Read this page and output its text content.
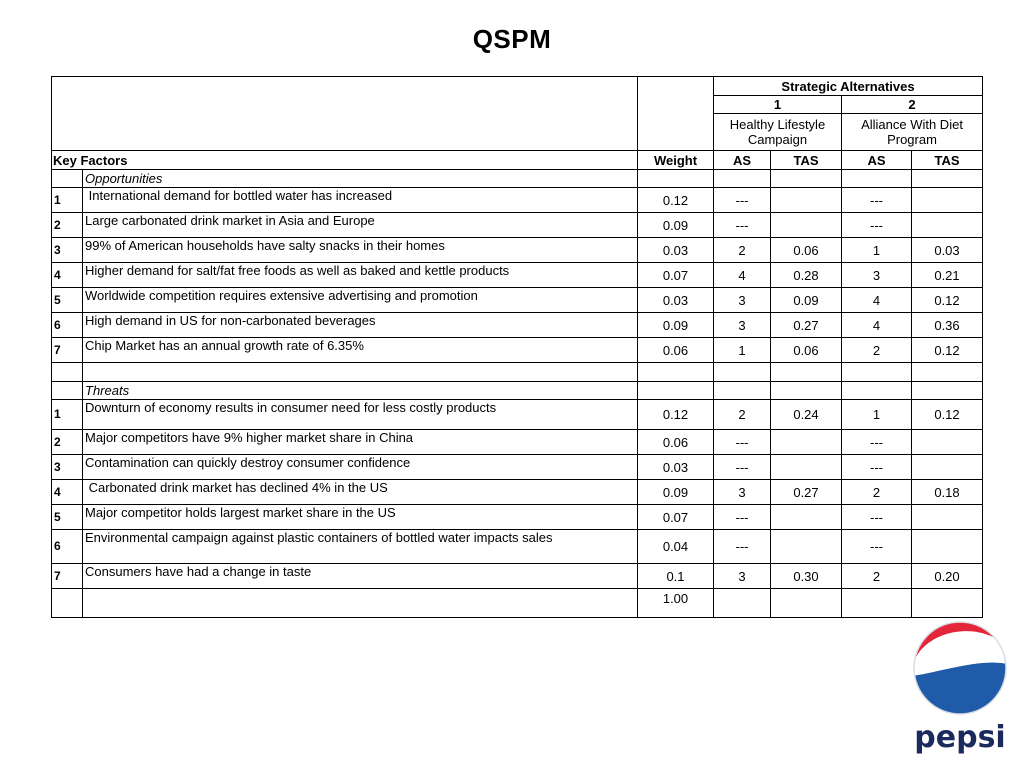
QSPM
			Strategic Alternatives			
			1		2	
			Healthy Lifestyle Campaign		Alliance With Diet Program	
Key Factors		Weight	AS	TAS	AS	TAS
	Opportunities					
1	International demand for bottled water has increased	0.12	---		---	
2	Large carbonated drink market in Asia and Europe	0.09	---		---	
3	99% of American households have salty snacks in their homes	0.03	2	0.06	1	0.03
4	Higher demand for salt/fat free foods as well as baked and kettle products	0.07	4	0.28	3	0.21
5	Worldwide competition requires extensive advertising and promotion	0.03	3	0.09	4	0.12
6	High demand in US for non-carbonated beverages	0.09	3	0.27	4	0.36
7	Chip Market has an annual growth rate of 6.35%	0.06	1	0.06	2	0.12

	Threats					
1	Downturn of economy results in consumer need for less costly products	0.12	2	0.24	1	0.12
2	Major competitors have 9% higher market share in China	0.06	---		---	
3	Contamination can quickly destroy consumer confidence	0.03	---		---	
4	Carbonated drink market has declined 4% in the US	0.09	3	0.27	2	0.18
5	Major competitor holds largest market share in the US	0.07	---		---	
6	Environmental campaign against plastic containers of bottled water impacts sales	0.04	---		---	
7	Consumers have had a change in taste	0.1	3	0.30	2	0.20
		1.00				
pepsi
